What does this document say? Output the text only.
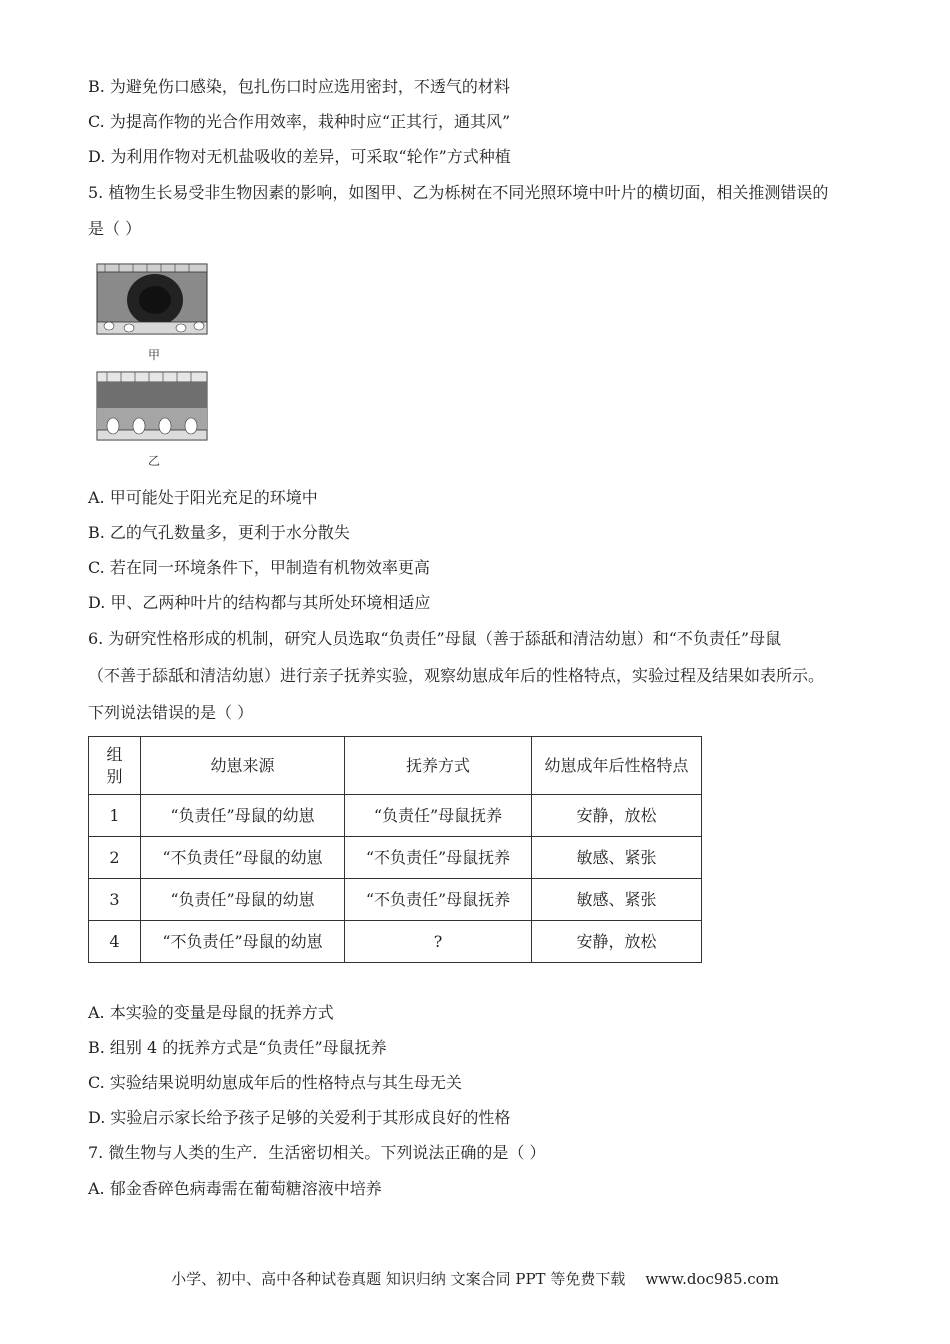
B. 为避免伤口感染，包扎伤口时应选用密封，不透气的材料
C. 为提高作物的光合作用效率，栽种时应“正其行，通其风”
D. 为利用作物对无机盐吸收的差异，可采取“轮作”方式种植
5. 植物生长易受非生物因素的影响，如图甲、乙为栎树在不同光照环境中叶片的横切面，相关推测错误的
是（ ）
甲
乙
A. 甲可能处于阳光充足的环境中
B. 乙的气孔数量多，更利于水分散失
C. 若在同一环境条件下，甲制造有机物效率更高
D. 甲、乙两种叶片的结构都与其所处环境相适应
6. 为研究性格形成的机制，研究人员选取“负责任”母鼠（善于舔舐和清洁幼崽）和“不负责任”母鼠
（不善于舔舐和清洁幼崽）进行亲子抚养实验，观察幼崽成年后的性格特点，实验过程及结果如表所示。
下列说法错误的是（ ）
组
别	幼崽来源	抚养方式	幼崽成年后性格特点
1	“负责任”母鼠的幼崽	“负责任”母鼠抚养	安静，放松
2	“不负责任”母鼠的幼崽	“不负责任”母鼠抚养	敏感、紧张
3	“负责任”母鼠的幼崽	“不负责任”母鼠抚养	敏感、紧张
4	“不负责任”母鼠的幼崽	?	安静，放松
A. 本实验的变量是母鼠的抚养方式
B. 组别 4 的抚养方式是“负责任”母鼠抚养
C. 实验结果说明幼崽成年后的性格特点与其生母无关
D. 实验启示家长给予孩子足够的关爱利于其形成良好的性格
7. 微生物与人类的生产．生活密切相关。下列说法正确的是（ ）
A. 郁金香碎色病毒需在葡萄糖溶液中培养
小学、初中、高中各种试卷真题 知识归纳 文案合同 PPT 等免费下载 www.doc985.com
